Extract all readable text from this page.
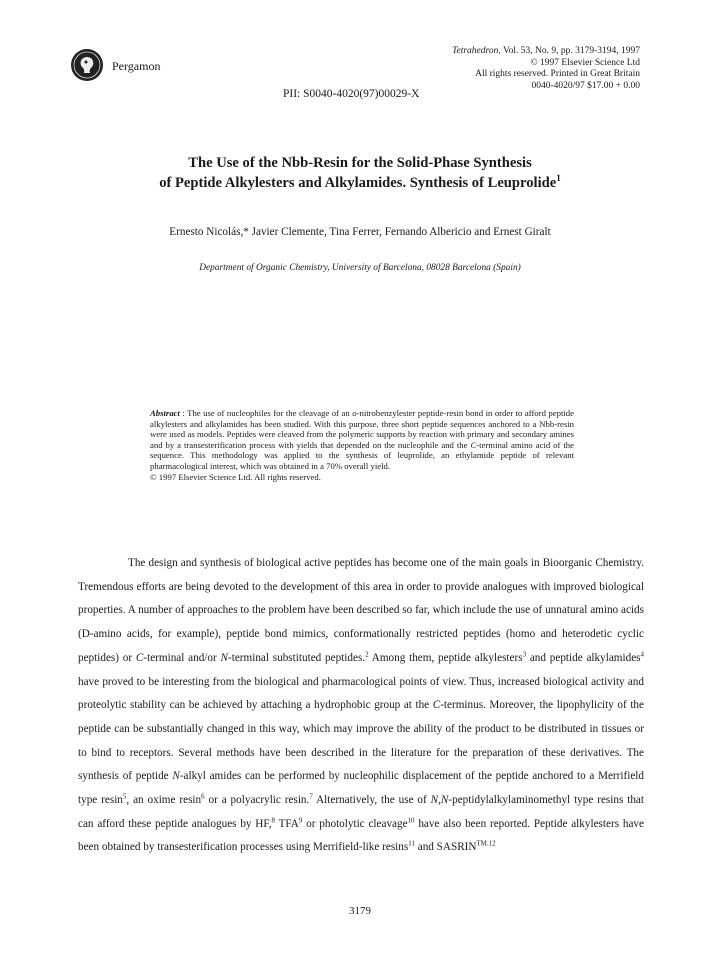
Pergamon
Tetrahedron, Vol. 53, No. 9, pp. 3179-3194, 1997
© 1997 Elsevier Science Ltd
All rights reserved. Printed in Great Britain
0040-4020/97 $17.00 + 0.00
PII: S0040-4020(97)00029-X
The Use of the Nbb-Resin for the Solid-Phase Synthesis
of Peptide Alkylesters and Alkylamides. Synthesis of Leuprolide$^1$
Ernesto Nicolás,* Javier Clemente, Tina Ferrer, Fernando Albericio and Ernest Giralt
Department of Organic Chemistry, University of Barcelona, 08028 Barcelona (Spain)
Abstract : The use of nucleophiles for the cleavage of an o-nitrobenzylester peptide-resin bond in order to afford peptide alkylesters and alkylamides has been studied. With this purpose, three short peptide sequences anchored to a Nbb-resin were used as models. Peptides were cleaved from the polymeric supports by reaction with primary and secondary amines and by a transesterification process with yields that depended on the nucleophile and the C-terminal amino acid of the sequence. This methodology was applied to the synthesis of leuprolide, an ethylamide peptide of relevant pharmacological interest, which was obtained in a 70% overall yield.
© 1997 Elsevier Science Ltd. All rights reserved.
The design and synthesis of biological active peptides has become one of the main goals in Bioorganic Chemistry. Tremendous efforts are being devoted to the development of this area in order to provide analogues with improved biological properties. A number of approaches to the problem have been described so far, which include the use of unnatural amino acids (D-amino acids, for example), peptide bond mimics, conformationally restricted peptides (homo and heterodetic cyclic peptides) or C-terminal and/or N-terminal substituted peptides.$^2$ Among them, peptide alkylesters$^3$ and peptide alkylamides$^4$ have proved to be interesting from the biological and pharmacological points of view. Thus, increased biological activity and proteolytic stability can be achieved by attaching a hydrophobic group at the C-terminus. Moreover, the lipophylicity of the peptide can be substantially changed in this way, which may improve the ability of the product to be distributed in tissues or to bind to receptors. Several methods have been described in the literature for the preparation of these derivatives. The synthesis of peptide N-alkyl amides can be performed by nucleophilic displacement of the peptide anchored to a Merrifield type resin$^5$, an oxime resin$^6$ or a polyacrylic resin.$^7$ Alternatively, the use of N,N-peptidylalkylaminomethyl type resins that can afford these peptide analogues by HF,$^8$ TFA$^9$ or photolytic cleavage$^{10}$ have also been reported. Peptide alkylesters have been obtained by transesterification processes using Merrifield-like resins$^{11}$ and $SASRIN^{TM.12}$
3179
